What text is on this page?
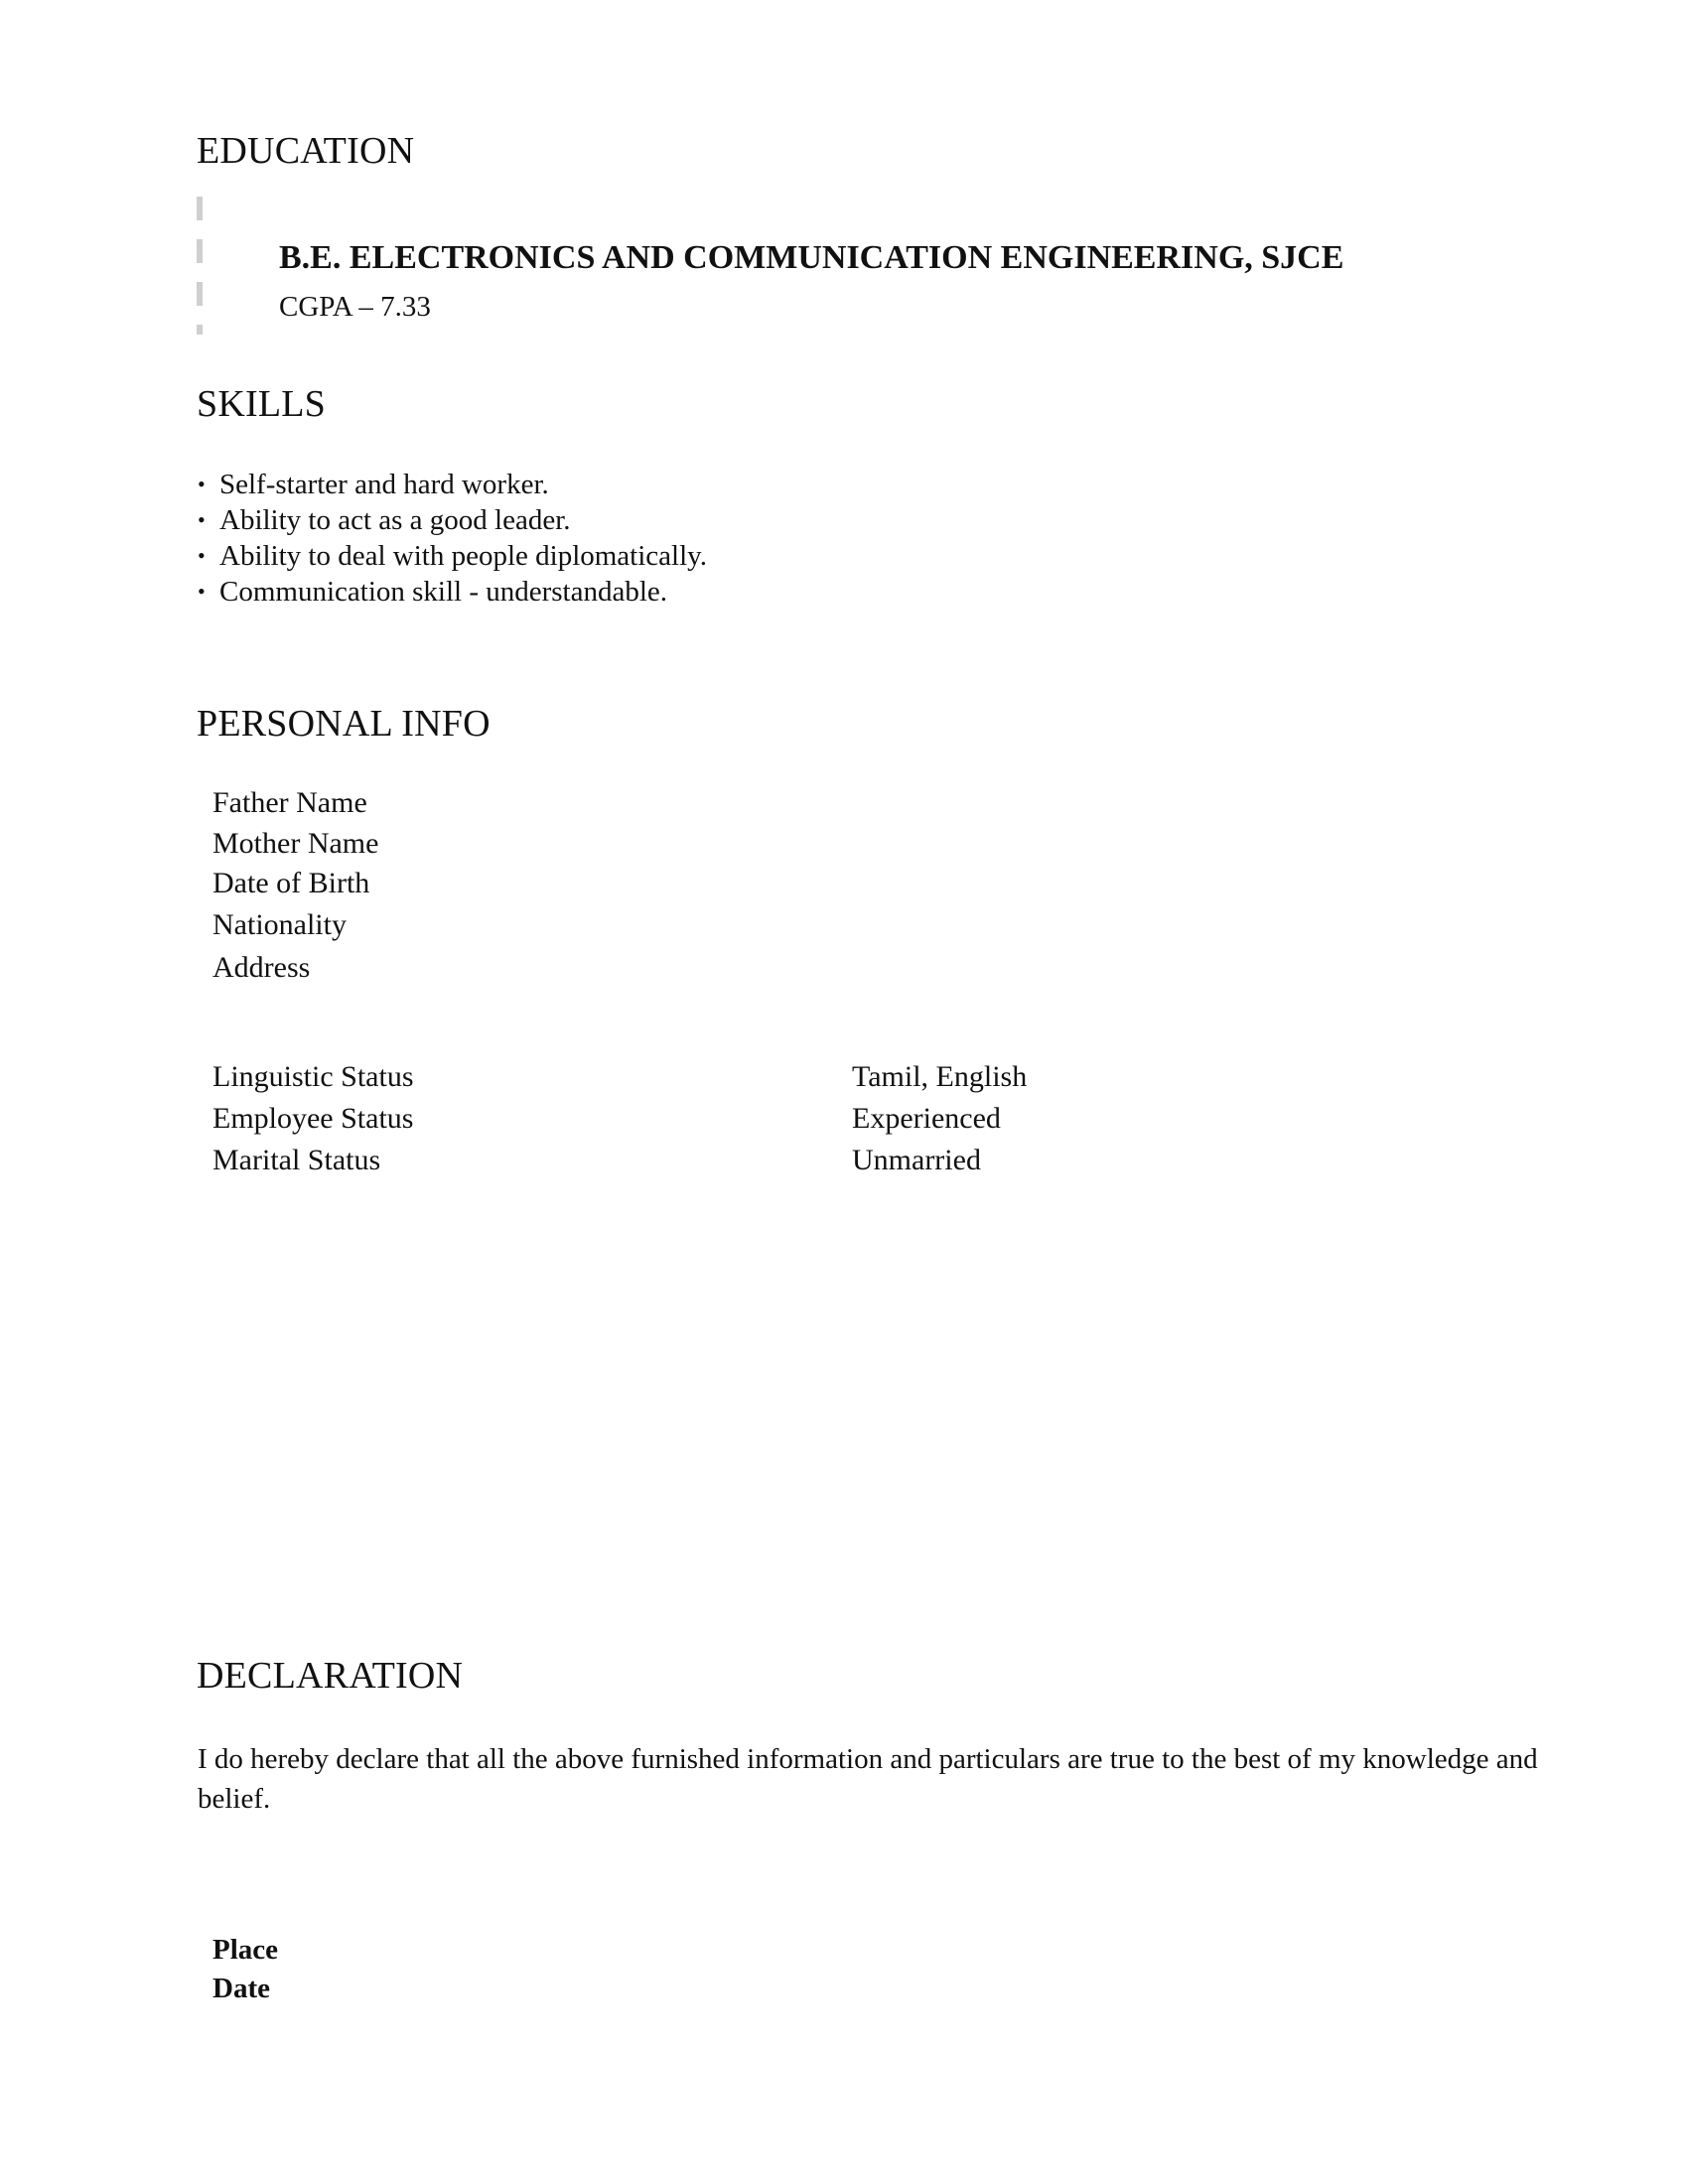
EDUCATION
B.E. ELECTRONICS AND COMMUNICATION ENGINEERING, SJCE
CGPA – 7.33
SKILLS
• Self-starter and hard worker.
• Ability to act as a good leader.
• Ability to deal with people diplomatically.
• Communication skill - understandable.
PERSONAL INFO
Father Name
Mother Name
Date of Birth
Nationality
Address
Linguistic Status	Tamil, English
Employee Status	Experienced
Marital Status	Unmarried
DECLARATION
I do hereby declare that all the above furnished information and particulars are true to the best of my knowledge and belief.
Place
Date
